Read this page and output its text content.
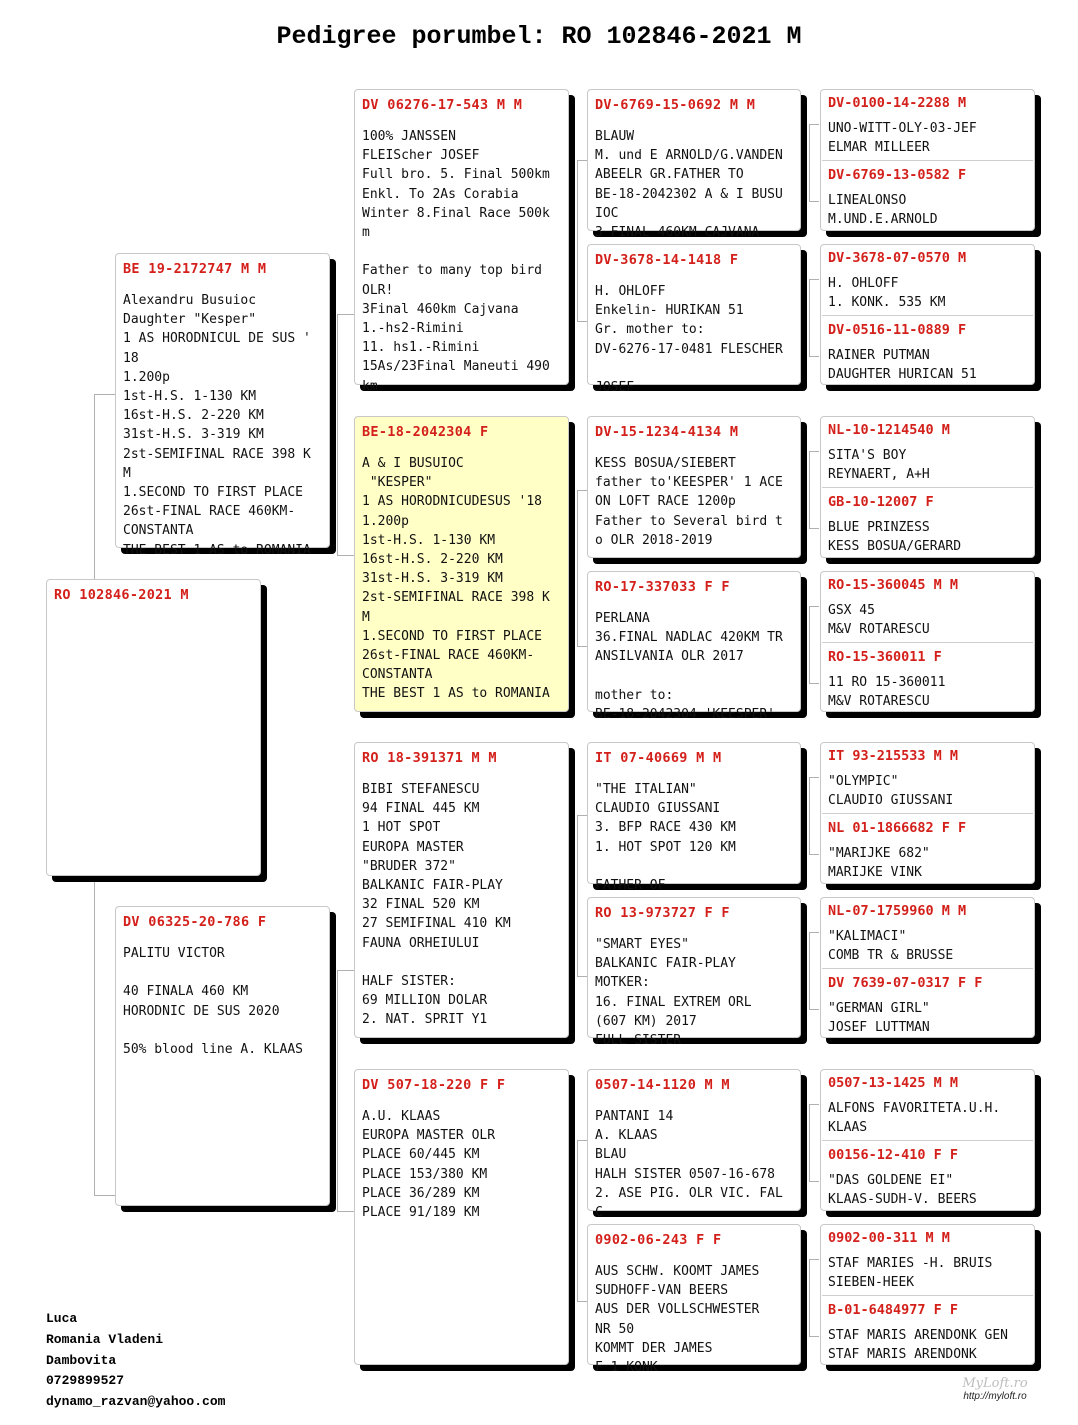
Pedigree porumbel: RO 102846-2021 M
RO 102846-2021 M
BE 19-2172747 M M
Alexandru Busuioc
Daughter "Kesper"
1 AS HORODNICUL DE SUS '
18
1.200p
1st-H.S. 1-130 KM
16st-H.S. 2-220 KM
31st-H.S. 3-319 KM
2st-SEMIFINAL RACE 398 K
M
1.SECOND TO FIRST PLACE
26st-FINAL RACE 460KM-
CONSTANTA
THE BEST 1 AS to ROMANIA
DV 06325-20-786 F
PALITU VICTOR

40 FINALA 460 KM
HORODNIC DE SUS 2020

50% blood line A. KLAAS
DV 06276-17-543 M M
100% JANSSEN
FLEIScher JOSEF
Full bro. 5. Final 500km
Enkl. To 2As Corabia
Winter 8.Final Race 500k
m

Father to many top bird
OLR!
3Final 460km Cajvana
1.-hs2-Rimini
11. hs1.-Rimini
15As/23Final Maneuti 490
km
BE-18-2042304 F
A & I BUSUIOC
"KESPER"
1 AS HORODNICUDESUS '18
1.200p
1st-H.S. 1-130 KM
16st-H.S. 2-220 KM
31st-H.S. 3-319 KM
2st-SEMIFINAL RACE 398 K
M
1.SECOND TO FIRST PLACE
26st-FINAL RACE 460KM-
CONSTANTA
THE BEST 1 AS to ROMANIA
RO 18-391371 M M
BIBI STEFANESCU
94 FINAL 445 KM
1 HOT SPOT
EUROPA MASTER
"BRUDER 372"
BALKANIC FAIR-PLAY
32 FINAL 520 KM
27 SEMIFINAL 410 KM
FAUNA ORHEIULUI

HALF SISTER:
69 MILLION DOLAR
2. NAT. SPRIT Y1
DV 507-18-220 F F
A.U. KLAAS
EUROPA MASTER OLR
PLACE 60/445 KM
PLACE 153/380 KM
PLACE 36/289 KM
PLACE 91/189 KM
DV-6769-15-0692 M M
BLAUW
M. und E ARNOLD/G.VANDEN
ABEELR GR.FATHER TO
BE-18-2042302 A & I BUSU
IOC
3 FINAL 460KM CAJVANA
DV-3678-14-1418 F
H. OHLOFF
Enkelin- HURIKAN 51
Gr. mother to:
DV-6276-17-0481 FLESCHER

JOSEF
DV-15-1234-4134 M
KESS BOSUA/SIEBERT
father to'KEESPER' 1 ACE
ON LOFT RACE 1200p
Father to Several bird t
o OLR 2018-2019
RO-17-337033 F F
PERLANA
36.FINAL NADLAC 420KM TR
ANSILVANIA OLR 2017

mother to:
BE-18-2042304 'KEESPER'
IT 07-40669 M M
"THE ITALIAN"
CLAUDIO GIUSSANI
3. BFP RACE 430 KM
1. HOT SPOT 120 KM

FATHER OF
RO 13-973727 F F
"SMART EYES"
BALKANIC FAIR-PLAY
MOTKER:
16. FINAL EXTREM ORL
(607 KM) 2017
FULL SISTER
0507-14-1120 M M
PANTANI 14
A. KLAAS
BLAU
HALH SISTER 0507-16-678
2. ASE PIG. OLR VIC. FAL
C
0902-06-243 F F
AUS SCHW. KOOMT JAMES
SUDHOFF-VAN BEERS
AUS DER VOLLSCHWESTER
NR 50
KOMMT DER JAMES
F 1 KONK
DV-0100-14-2288 M
UNO-WITT-OLY-03-JEF
ELMAR MILLEER
DV-6769-13-0582 F
LINEALONSO
M.UND.E.ARNOLD
DV-3678-07-0570 M
H. OHLOFF
1. KONK. 535 KM
DV-0516-11-0889 F
RAINER PUTMAN
DAUGHTER HURICAN 51
NL-10-1214540 M
SITA'S BOY
REYNAERT, A+H
GB-10-12007 F
BLUE PRINZESS
KESS BOSUA/GERARD
RO-15-360045 M M
GSX 45
M&V ROTARESCU
RO-15-360011 F
11 RO 15-360011
M&V ROTARESCU
IT 93-215533 M M
"OLYMPIC"
CLAUDIO GIUSSANI
NL 01-1866682 F F
"MARIJKE 682"
MARIJKE VINK
NL-07-1759960 M M
"KALIMACI"
COMB TR & BRUSSE
DV 7639-07-0317 F F
"GERMAN GIRL"
JOSEF LUTTMAN
0507-13-1425 M M
ALFONS FAVORITETA.U.H.
KLAAS
00156-12-410 F F
"DAS GOLDENE EI"
KLAAS-SUDH-V. BEERS
0902-00-311 M M
STAF MARIES -H. BRUIS
SIEBEN-HEEK
B-01-6484977 F F
STAF MARIS ARENDONK GEN
STAF MARIS ARENDONK
Luca
Romania Vladeni
Dambovita
0729899527
dynamo_razvan@yahoo.com
MyLoft.ro
http://myloft.ro
